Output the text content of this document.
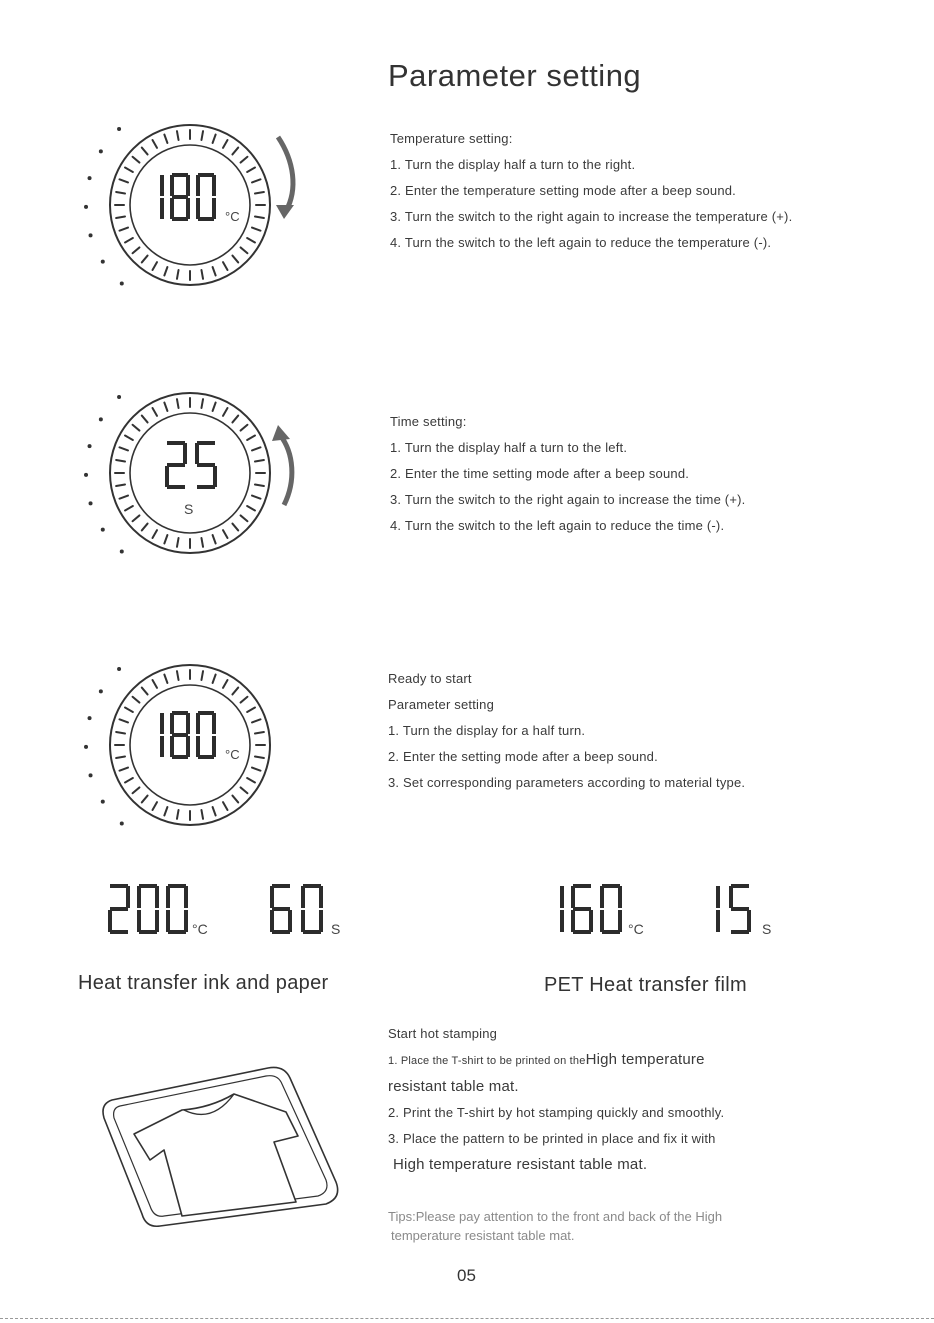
Parameter setting
°C
Temperature setting:
1. Turn the display half a turn to the right.
2. Enter the temperature setting mode after a beep sound.
3. Turn the switch to the right again to increase the temperature (+).
4. Turn the switch to the left again to reduce the temperature (-).
S
Time setting:
1. Turn the display half a turn to the left.
2. Enter the time setting mode after a beep sound.
3. Turn the switch to the right again to increase the time (+).
4. Turn the switch to the left again to reduce the time (-).
°C
Ready to start
Parameter setting
1. Turn the display for a half turn.
2. Enter the setting mode after a beep sound.
3. Set corresponding parameters according to material type.
°C	S
Heat transfer ink and paper
°C	S
PET Heat transfer film
Start hot stamping
1. Place the T-shirt to be printed on theHigh temperature
resistant table mat.
2. Print the T-shirt by hot stamping quickly and smoothly.
3. Place the pattern to be printed in place and fix it with
High temperature resistant table mat.
Tips:Please pay attention to the front and back of the High
temperature resistant table mat.
05
